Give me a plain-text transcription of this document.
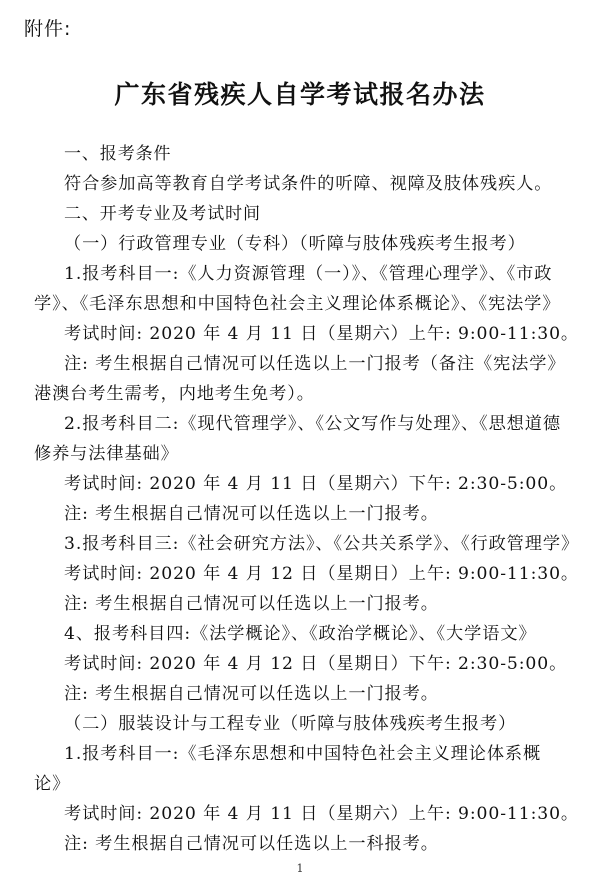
附件:
广东省残疾人自学考试报名办法
一、报考条件
符合参加高等教育自学考试条件的听障、视障及肢体残疾人。
二、开考专业及考试时间
（一）行政管理专业（专科）（听障与肢体残疾考生报考）
1.报考科目一:《人力资源管理（一）》、《管理心理学》、《市政
学》、《毛泽东思想和中国特色社会主义理论体系概论》、《宪法学》
考试时间: 2020 年 4 月 11 日（星期六）上午: 9:00-11:30。
注: 考生根据自己情况可以任选以上一门报考（备注《宪法学》
港澳台考生需考，内地考生免考）。
2.报考科目二:《现代管理学》、《公文写作与处理》、《思想道德
修养与法律基础》
考试时间: 2020 年 4 月 11 日（星期六）下午: 2:30-5:00。
注: 考生根据自己情况可以任选以上一门报考。
3.报考科目三:《社会研究方法》、《公共关系学》、《行政管理学》
考试时间: 2020 年 4 月 12 日（星期日）上午: 9:00-11:30。
注: 考生根据自己情况可以任选以上一门报考。
4、报考科目四:《法学概论》、《政治学概论》、《大学语文》
考试时间: 2020 年 4 月 12 日（星期日）下午: 2:30-5:00。
注: 考生根据自己情况可以任选以上一门报考。
（二）服装设计与工程专业（听障与肢体残疾考生报考）
1.报考科目一:《毛泽东思想和中国特色社会主义理论体系概
论》
考试时间: 2020 年 4 月 11 日（星期六）上午: 9:00-11:30。
注: 考生根据自己情况可以任选以上一科报考。
1
